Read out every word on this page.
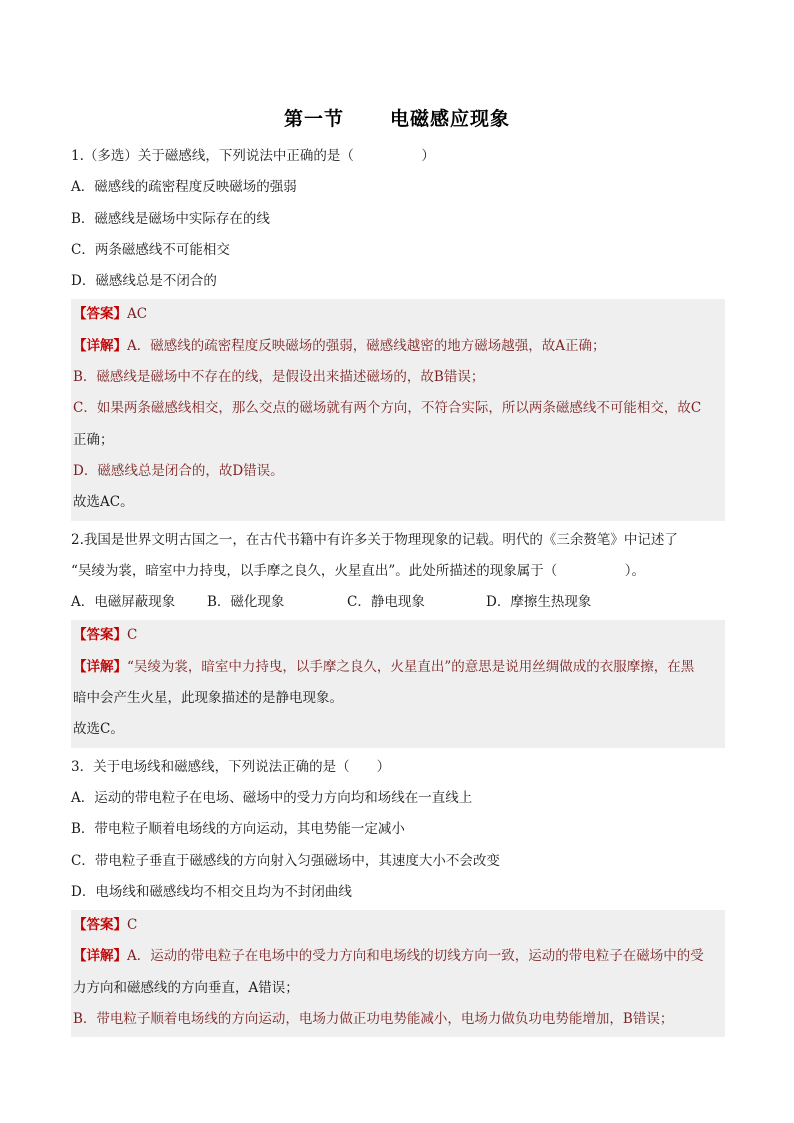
第一节 电磁感应现象
1.（多选）关于磁感线，下列说法中正确的是（　　　　　）
A．磁感线的疏密程度反映磁场的强弱
B．磁感线是磁场中实际存在的线
C．两条磁感线不可能相交
D．磁感线总是不闭合的
【答案】AC
【详解】A．磁感线的疏密程度反映磁场的强弱，磁感线越密的地方磁场越强，故A正确；
B．磁感线是磁场中不存在的线，是假设出来描述磁场的，故B错误；
C．如果两条磁感线相交，那么交点的磁场就有两个方向，不符合实际，所以两条磁感线不可能相交，故C
正确；
D．磁感线总是闭合的，故D错误。
故选AC。
2.我国是世界文明古国之一，在古代书籍中有许多关于物理现象的记载。明代的《三余赘笔》中记述了
“吴绫为裳，暗室中力持曳，以手摩之良久，火星直出”。此处所描述的现象属于（　　　　　）。
A．电磁屏蔽现象 B．磁化现象	C．静电现象	D．摩擦生热现象
【答案】C
【详解】“吴绫为裳，暗室中力持曳，以手摩之良久，火星直出”的意思是说用丝绸做成的衣服摩擦，在黑
暗中会产生火星，此现象描述的是静电现象。
故选C。
3．关于电场线和磁感线，下列说法正确的是（　　）
A．运动的带电粒子在电场、磁场中的受力方向均和场线在一直线上
B．带电粒子顺着电场线的方向运动，其电势能一定减小
C．带电粒子垂直于磁感线的方向射入匀强磁场中，其速度大小不会改变
D．电场线和磁感线均不相交且均为不封闭曲线
【答案】C
【详解】A．运动的带电粒子在电场中的受力方向和电场线的切线方向一致，运动的带电粒子在磁场中的受
力方向和磁感线的方向垂直，A错误；
B．带电粒子顺着电场线的方向运动，电场力做正功电势能减小，电场力做负功电势能增加，B错误；
